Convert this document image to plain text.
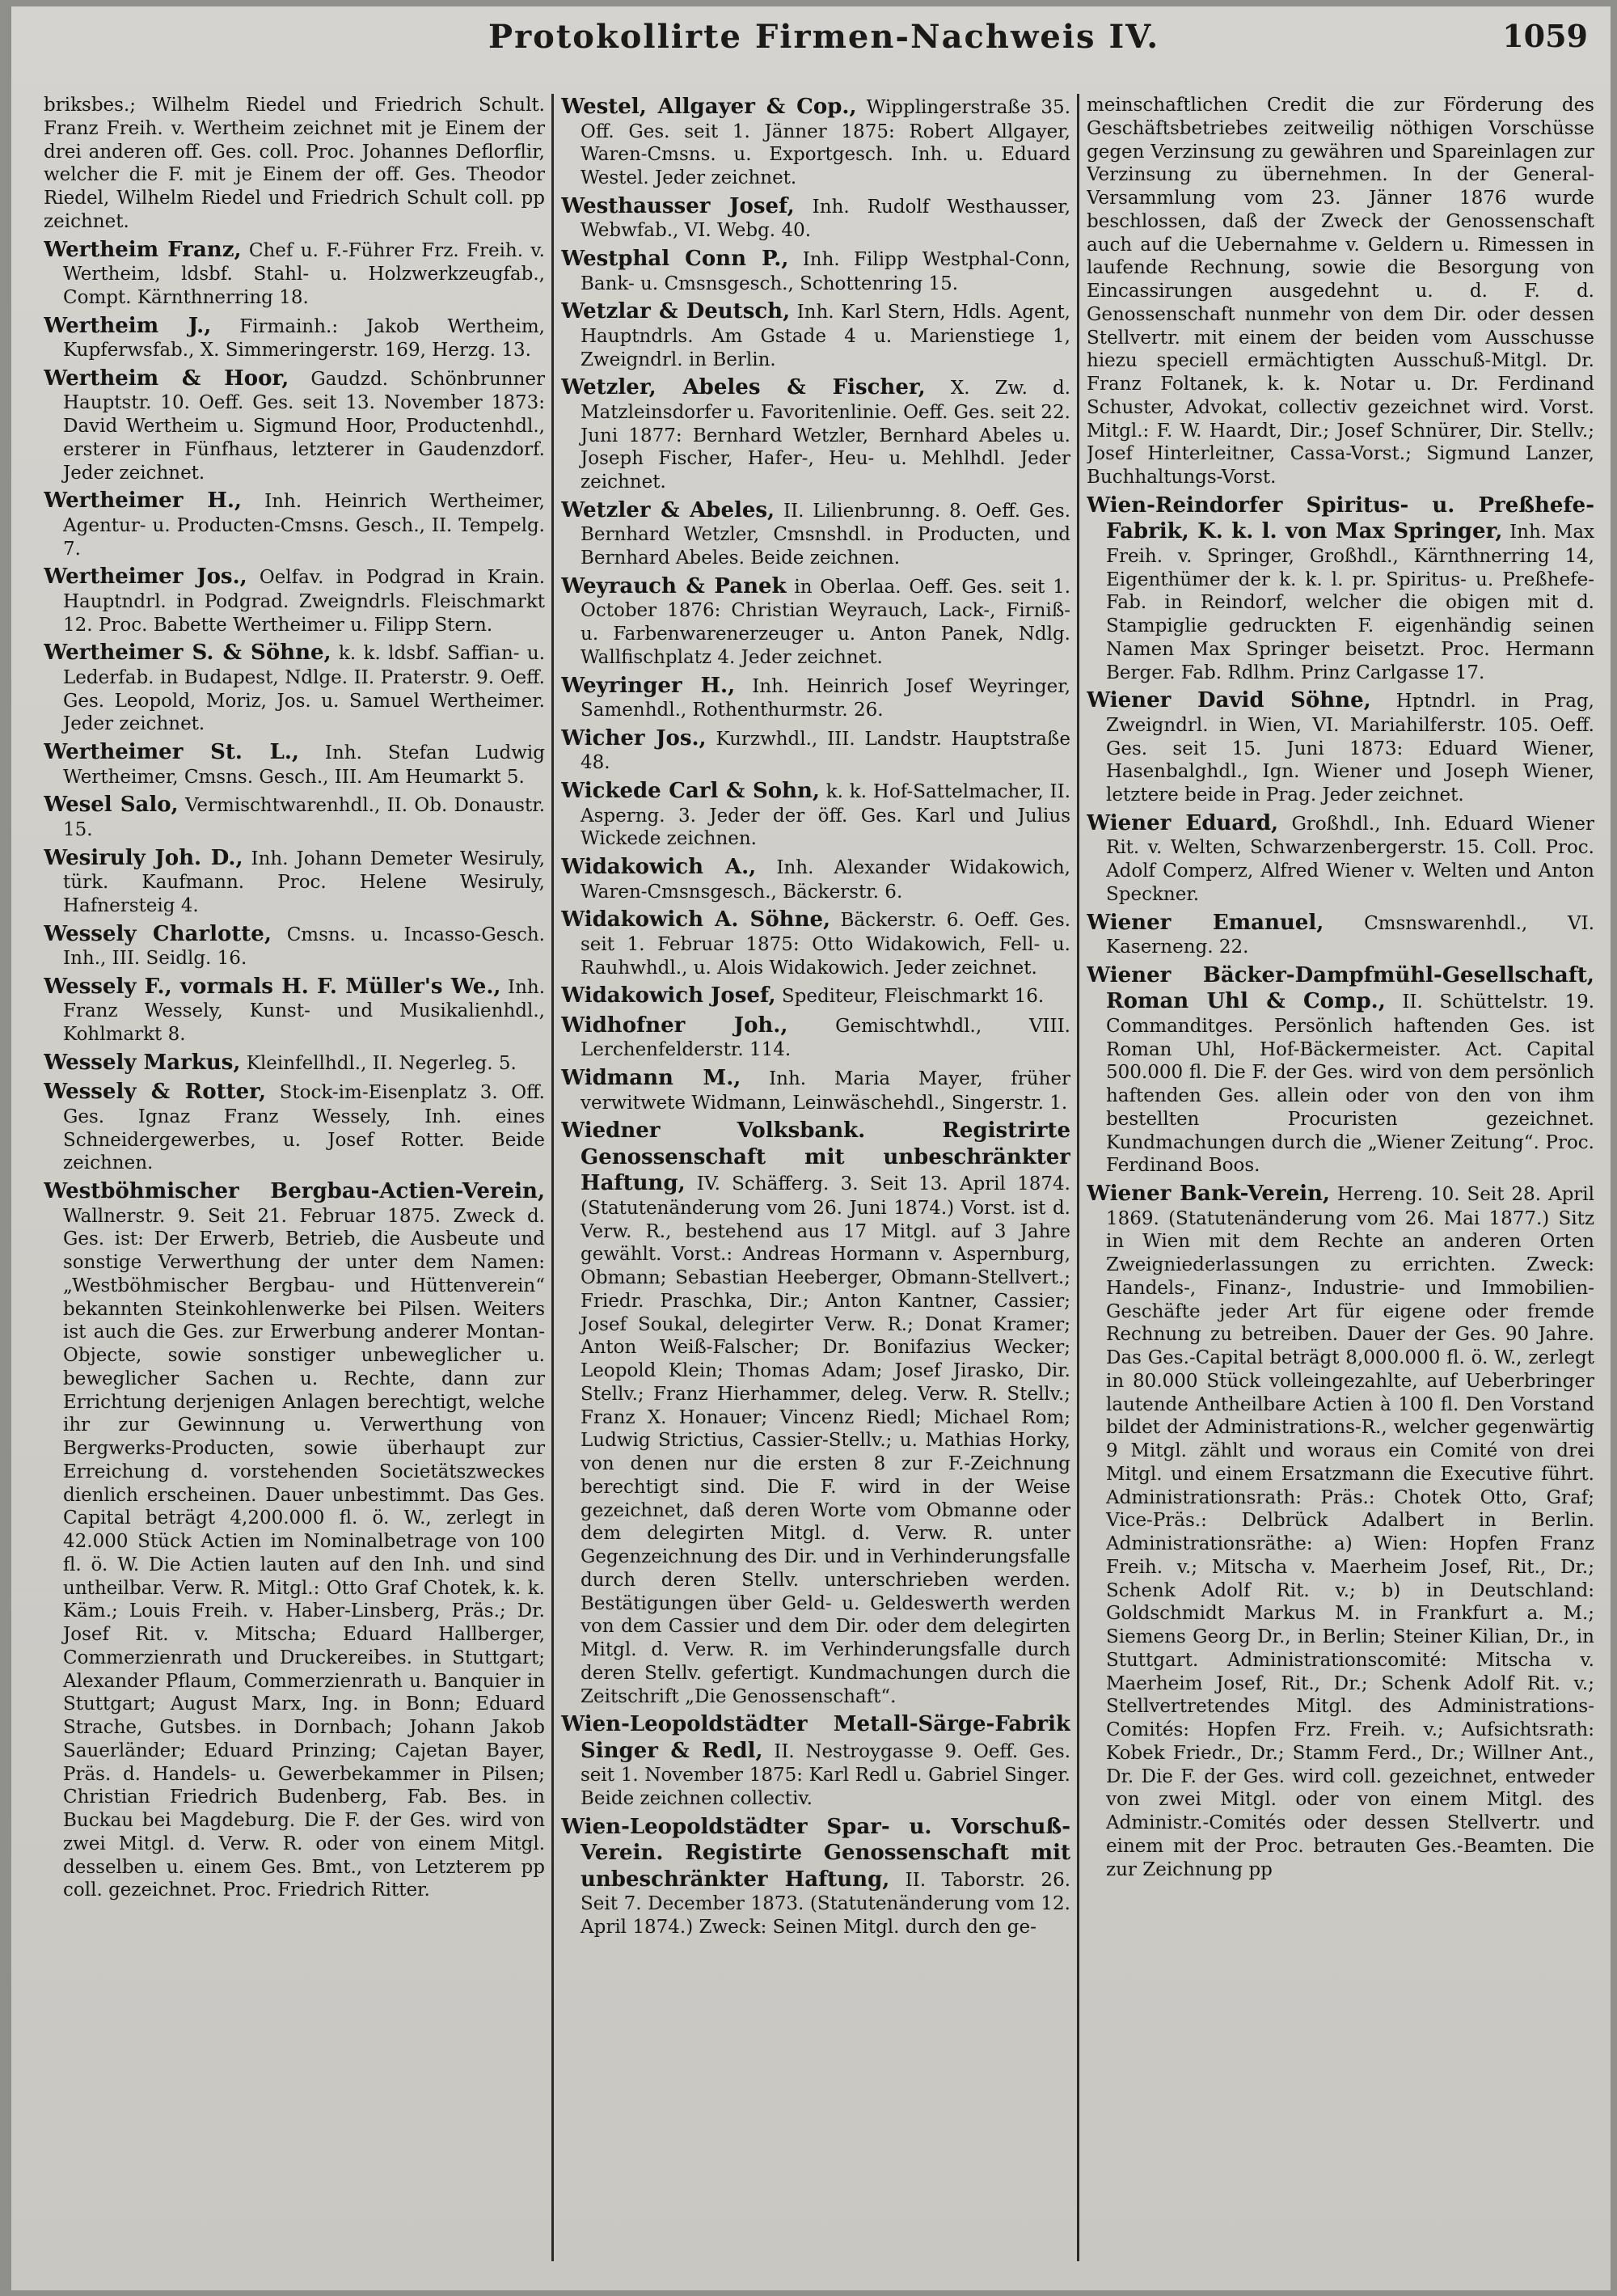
Protokollirte Firmen-Nachweis IV.	1059

briksbes.; Wilhelm Riedel und Friedrich Schult. Franz Freih. v. Wertheim zeichnet mit je Einem der drei anderen off. Ges. coll. Proc. Johannes Deflorflir, welcher die F. mit je Einem der off. Ges. Theodor Riedel, Wilhelm Riedel und Friedrich Schult coll. pp zeichnet.

Wertheim Franz, Chef u. F.-Führer Frz. Freih. v. Wertheim, ldsbf. Stahl- u. Holzwerkzeugfab., Compt. Kärnthnerring 18.

Wertheim J., Firmainh.: Jakob Wertheim, Kupferwsfab., X. Simmeringerstr. 169, Herzg. 13.

Wertheim & Hoor, Gaudzd. Schönbrunner Hauptstr. 10. Oeff. Ges. seit 13. November 1873: David Wertheim u. Sigmund Hoor, Productenhdl., ersterer in Fünfhaus, letzterer in Gaudenzdorf. Jeder zeichnet.

Wertheimer H., Inh. Heinrich Wertheimer, Agentur- u. Producten-Cmsns. Gesch., II. Tempelg. 7.

Wertheimer Jos., Oelfav. in Podgrad in Krain. Hauptndrl. in Podgrad. Zweigndrls. Fleischmarkt 12. Proc. Babette Wertheimer u. Filipp Stern.

Wertheimer S. & Söhne, k. k. ldsbf. Saffian- u. Lederfab. in Budapest, Ndlge. II. Praterstr. 9. Oeff. Ges. Leopold, Moriz, Jos. u. Samuel Wertheimer. Jeder zeichnet.

Wertheimer St. L., Inh. Stefan Ludwig Wertheimer, Cmsns. Gesch., III. Am Heumarkt 5.

Wesel Salo, Vermischtwarenhdl., II. Ob. Donaustr. 15.

Wesiruly Joh. D., Inh. Johann Demeter Wesiruly, türk. Kaufmann. Proc. Helene Wesiruly, Hafnersteig 4.

Wessely Charlotte, Cmsns. u. Incasso-Gesch. Inh., III. Seidlg. 16.

Wessely F., vormals H. F. Müller's We., Inh. Franz Wessely, Kunst- und Musikalienhdl., Kohlmarkt 8.

Wessely Markus, Kleinfellhdl., II. Negerleg. 5.

Wessely & Rotter, Stock-im-Eisenplatz 3. Off. Ges. Ignaz Franz Wessely, Inh. eines Schneidergewerbes, u. Josef Rotter. Beide zeichnen.

Westböhmischer Bergbau-Actien-Verein, Wallnerstr. 9. Seit 21. Februar 1875. Zweck d. Ges. ist: Der Erwerb, Betrieb, die Ausbeute und sonstige Verwerthung der unter dem Namen: „Westböhmischer Bergbau- und Hüttenverein“ bekannten Steinkohlenwerke bei Pilsen. Weiters ist auch die Ges. zur Erwerbung anderer Montan-Objecte, sowie sonstiger unbeweglicher u. beweglicher Sachen u. Rechte, dann zur Errichtung derjenigen Anlagen berechtigt, welche ihr zur Gewinnung u. Verwerthung von Bergwerks-Producten, sowie überhaupt zur Erreichung d. vorstehenden Societätszweckes dienlich erscheinen. Dauer unbestimmt. Das Ges. Capital beträgt 4,200.000 fl. ö. W., zerlegt in 42.000 Stück Actien im Nominalbetrage von 100 fl. ö. W. Die Actien lauten auf den Inh. und sind untheilbar. Verw. R. Mitgl.: Otto Graf Chotek, k. k. Käm.; Louis Freih. v. Haber-Linsberg, Präs.; Dr. Josef Rit. v. Mitscha; Eduard Hallberger, Commerzienrath und Druckereibes. in Stuttgart; Alexander Pflaum, Commerzienrath u. Banquier in Stuttgart; August Marx, Ing. in Bonn; Eduard Strache, Gutsbes. in Dornbach; Johann Jakob Sauerländer; Eduard Prinzing; Cajetan Bayer, Präs. d. Handels- u. Gewerbekammer in Pilsen; Christian Friedrich Budenberg, Fab. Bes. in Buckau bei Magdeburg. Die F. der Ges. wird von zwei Mitgl. d. Verw. R. oder von einem Mitgl. desselben u. einem Ges. Bmt., von Letzterem pp coll. gezeichnet. Proc. Friedrich Ritter.

Westel, Allgayer & Cop., Wipplingerstraße 35. Off. Ges. seit 1. Jänner 1875: Robert Allgayer, Waren-Cmsns. u. Exportgesch. Inh. u. Eduard Westel. Jeder zeichnet.

Westhausser Josef, Inh. Rudolf Westhausser, Webwfab., VI. Webg. 40.

Westphal Conn P., Inh. Filipp Westphal-Conn, Bank- u. Cmsnsgesch., Schottenring 15.

Wetzlar & Deutsch, Inh. Karl Stern, Hdls. Agent, Hauptndrls. Am Gstade 4 u. Marienstiege 1, Zweigndrl. in Berlin.

Wetzler, Abeles & Fischer, X. Zw. d. Matzleinsdorfer u. Favoritenlinie. Oeff. Ges. seit 22. Juni 1877: Bernhard Wetzler, Bernhard Abeles u. Joseph Fischer, Hafer-, Heu- u. Mehlhdl. Jeder zeichnet.

Wetzler & Abeles, II. Lilienbrunng. 8. Oeff. Ges. Bernhard Wetzler, Cmsnshdl. in Producten, und Bernhard Abeles. Beide zeichnen.

Weyrauch & Panek in Oberlaa. Oeff. Ges. seit 1. October 1876: Christian Weyrauch, Lack-, Firniß- u. Farbenwarenerzeuger u. Anton Panek, Ndlg. Wallfischplatz 4. Jeder zeichnet.

Weyringer H., Inh. Heinrich Josef Weyringer, Samenhdl., Rothenthurmstr. 26.

Wicher Jos., Kurzwhdl., III. Landstr. Hauptstraße 48.

Wickede Carl & Sohn, k. k. Hof-Sattelmacher, II. Asperng. 3. Jeder der öff. Ges. Karl und Julius Wickede zeichnen.

Widakowich A., Inh. Alexander Widakowich, Waren-Cmsnsgesch., Bäckerstr. 6.

Widakowich A. Söhne, Bäckerstr. 6. Oeff. Ges. seit 1. Februar 1875: Otto Widakowich, Fell- u. Rauhwhdl., u. Alois Widakowich. Jeder zeichnet.

Widakowich Josef, Spediteur, Fleischmarkt 16.

Widhofner Joh.,	Gemischtwhdl., VIII. Lerchenfelderstr. 114.

Widmann M., Inh. Maria Mayer, früher verwitwete Widmann, Leinwäschehdl., Singerstr. 1.

Wiedner Volksbank. Registrirte Genossenschaft mit unbeschränkter Haftung, IV. Schäfferg. 3. Seit 13. April 1874. (Statutenänderung vom 26. Juni 1874.) Vorst. ist d. Verw. R., bestehend aus 17 Mitgl. auf 3 Jahre gewählt. Vorst.: Andreas Hormann v. Aspernburg, Obmann; Sebastian Heeberger, Obmann-Stellvert.; Friedr. Praschka, Dir.; Anton Kantner, Cassier; Josef Soukal, delegirter Verw. R.; Donat Kramer; Anton Weiß-Falscher; Dr. Bonifazius Wecker; Leopold Klein; Thomas Adam; Josef Jirasko, Dir. Stellv.; Franz Hierhammer, deleg. Verw. R. Stellv.; Franz X. Honauer; Vincenz Riedl; Michael Rom; Ludwig Strictius, Cassier-Stellv.; u. Mathias Horky, von denen nur die ersten 8 zur F.-Zeichnung berechtigt sind. Die F. wird in der Weise gezeichnet, daß deren Worte vom Obmanne oder dem delegirten Mitgl. d. Verw. R. unter Gegenzeichnung des Dir. und in Verhinderungsfalle durch deren Stellv. unterschrieben werden. Bestätigungen über Geld- u. Geldeswerth werden von dem Cassier und dem Dir. oder dem delegirten Mitgl. d. Verw. R. im Verhinderungsfalle durch deren Stellv. gefertigt. Kundmachungen durch die Zeitschrift „Die Genossenschaft“.

Wien-Leopoldstädter Metall-Särge-Fabrik Singer & Redl, II. Nestroygasse 9. Oeff. Ges. seit 1. November 1875: Karl Redl u. Gabriel Singer. Beide zeichnen collectiv.

Wien-Leopoldstädter Spar- u. Vorschuß-Verein. Registirte Genossenschaft mit unbeschränkter Haftung, II. Taborstr. 26. Seit 7. December 1873. (Statutenänderung vom 12. April 1874.) Zweck: Seinen Mitgl. durch den ge-

meinschaftlichen Credit die zur Förderung des Geschäftsbetriebes zeitweilig nöthigen Vorschüsse gegen Verzinsung zu gewähren und Spareinlagen zur Verzinsung zu übernehmen. In der General-Versammlung vom 23. Jänner 1876 wurde beschlossen, daß der Zweck der Genossenschaft auch auf die Uebernahme v. Geldern u. Rimessen in laufende Rechnung, sowie die Besorgung von Eincassirungen ausgedehnt u. d. F. d. Genossenschaft nunmehr von dem Dir. oder dessen Stellvertr. mit einem der beiden vom Ausschusse hiezu speciell ermächtigten Ausschuß-Mitgl. Dr. Franz Foltanek, k. k. Notar u. Dr. Ferdinand Schuster, Advokat, collectiv gezeichnet wird. Vorst. Mitgl.: F. W. Haardt, Dir.; Josef Schnürer, Dir. Stellv.; Josef Hinterleitner, Cassa-Vorst.; Sigmund Lanzer, Buchhaltungs-Vorst.

Wien-Reindorfer Spiritus- u. Preßhefe-Fabrik, K. k. l. von Max Springer, Inh. Max Freih. v. Springer, Großhdl., Kärnthnerring 14, Eigenthümer der k. k. l. pr. Spiritus- u. Preßhefe-Fab. in Reindorf, welcher die obigen mit d. Stampiglie gedruckten F. eigenhändig seinen Namen Max Springer beisetzt. Proc. Hermann Berger. Fab. Rdlhm. Prinz Carlgasse 17.

Wiener David Söhne, Hptndrl. in Prag, Zweigndrl. in Wien, VI. Mariahilferstr. 105. Oeff. Ges. seit 15. Juni 1873: Eduard Wiener, Hasenbalghdl., Ign. Wiener und Joseph Wiener, letztere beide in Prag. Jeder zeichnet.

Wiener Eduard, Großhdl., Inh. Eduard Wiener Rit. v. Welten, Schwarzenbergerstr. 15. Coll. Proc. Adolf Comperz, Alfred Wiener v. Welten und Anton Speckner.

Wiener Emanuel, Cmsnswarenhdl., VI. Kaserneng. 22.

Wiener Bäcker-Dampfmühl-Gesellschaft, Roman Uhl & Comp., II. Schüttelstr. 19. Commanditges. Persönlich haftenden Ges. ist Roman Uhl, Hof-Bäckermeister. Act. Capital 500.000 fl. Die F. der Ges. wird von dem persönlich haftenden Ges. allein oder von den von ihm bestellten Procuristen gezeichnet. Kundmachungen durch die „Wiener Zeitung“. Proc. Ferdinand Boos.

Wiener Bank-Verein, Herreng. 10. Seit 28. April 1869. (Statutenänderung vom 26. Mai 1877.) Sitz in Wien mit dem Rechte an anderen Orten Zweigniederlassungen zu errichten. Zweck: Handels-, Finanz-, Industrie- und Immobilien-Geschäfte jeder Art für eigene oder fremde Rechnung zu betreiben. Dauer der Ges. 90 Jahre. Das Ges.-Capital beträgt 8,000.000 fl. ö. W., zerlegt in 80.000 Stück volleingezahlte, auf Ueberbringer lautende Antheilbare Actien à 100 fl. Den Vorstand bildet der Administrations-R., welcher gegenwärtig 9 Mitgl. zählt und woraus ein Comité von drei Mitgl. und einem Ersatzmann die Executive führt. Administrationsrath: Präs.: Chotek Otto, Graf; Vice-Präs.: Delbrück Adalbert in Berlin. Administrationsräthe: a) Wien: Hopfen Franz Freih. v.; Mitscha v. Maerheim Josef, Rit., Dr.; Schenk Adolf Rit. v.; b) in Deutschland: Goldschmidt Markus M. in Frankfurt a. M.; Siemens Georg Dr., in Berlin; Steiner Kilian, Dr., in Stuttgart. Administrationscomité: Mitscha v. Maerheim Josef, Rit., Dr.; Schenk Adolf Rit. v.; Stellvertretendes Mitgl. des Administrations-Comités: Hopfen Frz. Freih. v.; Aufsichtsrath: Kobek Friedr., Dr.; Stamm Ferd., Dr.; Willner Ant., Dr. Die F. der Ges. wird coll. gezeichnet, entweder von zwei Mitgl. oder von einem Mitgl. des Administr.-Comités oder dessen Stellvertr. und einem mit der Proc. betrauten Ges.-Beamten. Die zur Zeichnung pp
